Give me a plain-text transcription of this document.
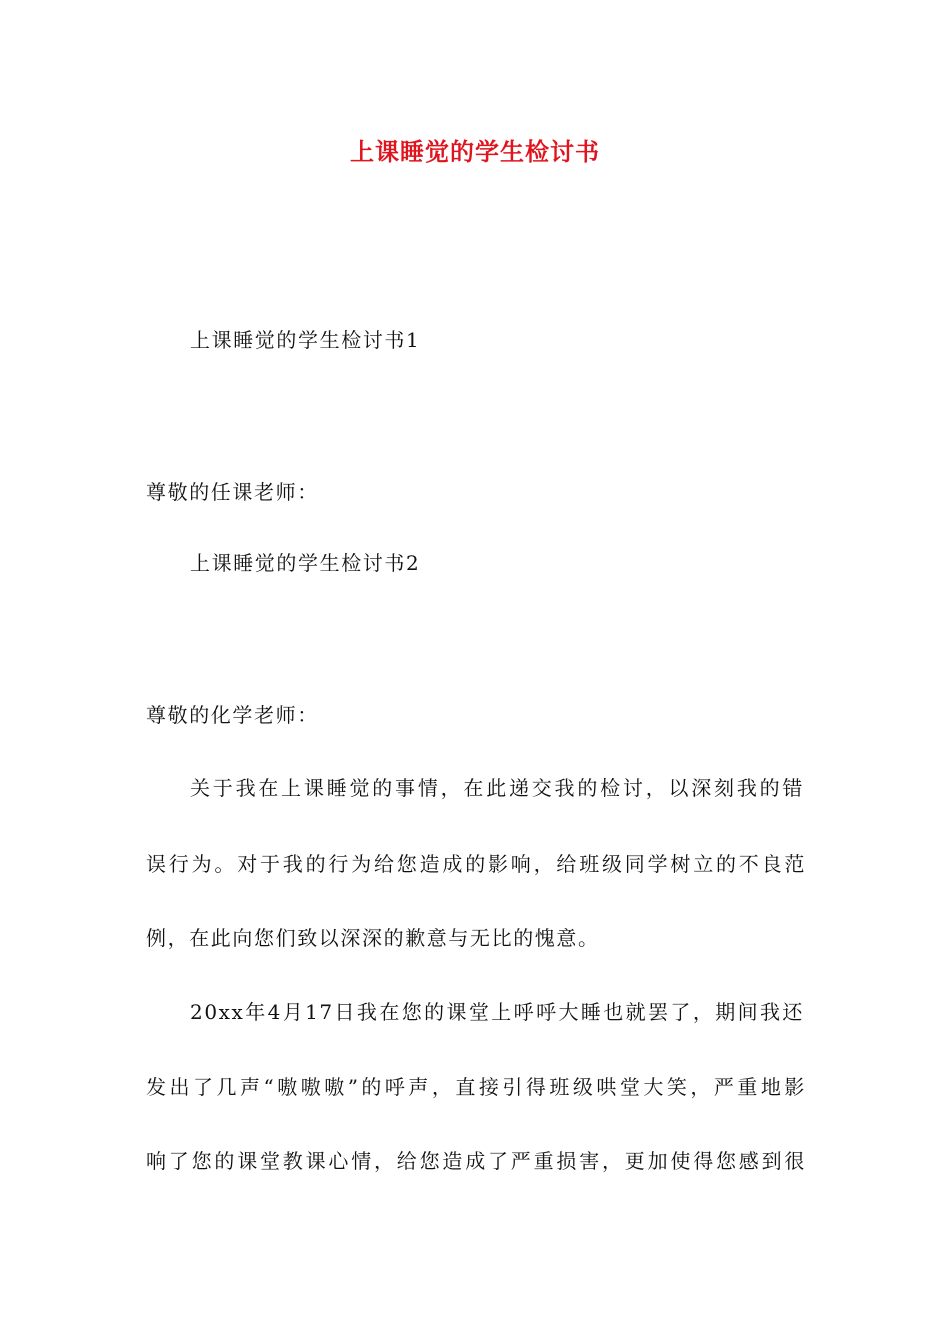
上课睡觉的学生检讨书
上课睡觉的学生检讨书1
尊敬的任课老师：
上课睡觉的学生检讨书2
尊敬的化学老师：
关于我在上课睡觉的事情，在此递交我的检讨，以深刻我的错
误行为。对于我的行为给您造成的影响，给班级同学树立的不良范
例，在此向您们致以深深的歉意与无比的愧意。
20xx年4月17日我在您的课堂上呼呼大睡也就罢了，期间我还
发出了几声“嗷嗷嗷”的呼声，直接引得班级哄堂大笑，严重地影
响了您的课堂教课心情，给您造成了严重损害，更加使得您感到很
